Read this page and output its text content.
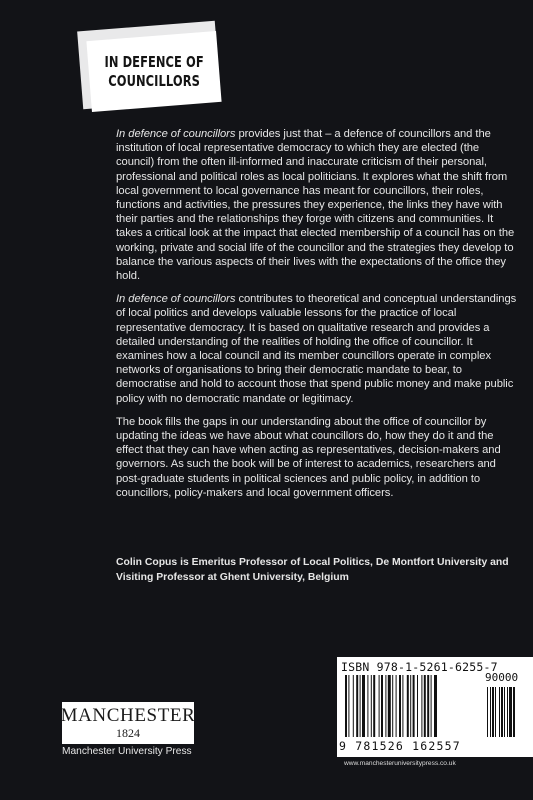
IN DEFENCE OF
COUNCILLORS

In defence of councillors provides just that – a defence of councillors and the institution of local representative democracy to which they are elected (the council) from the often ill-informed and inaccurate criticism of their personal, professional and political roles as local politicians. It explores what the shift from local government to local governance has meant for councillors, their roles, functions and activities, the pressures they experience, the links they have with their parties and the relationships they forge with citizens and communities. It takes a critical look at the impact that elected membership of a council has on the working, private and social life of the councillor and the strategies they develop to balance the various aspects of their lives with the expectations of the office they hold.

In defence of councillors contributes to theoretical and conceptual understandings of local politics and develops valuable lessons for the practice of local representative democracy. It is based on qualitative research and provides a detailed understanding of the realities of holding the office of councillor. It examines how a local council and its member councillors operate in complex networks of organisations to bring their democratic mandate to bear, to democratise and hold to account those that spend public money and make public policy with no democratic mandate or legitimacy.

The book fills the gaps in our understanding about the office of councillor by updating the ideas we have about what councillors do, how they do it and the effect that they can have when acting as representatives, decision-makers and governors. As such the book will be of interest to academics, researchers and post-graduate students in political sciences and public policy, in addition to councillors, policy-makers and local government officers.

Colin Copus is Emeritus Professor of Local Politics, De Montfort University and Visiting Professor at Ghent University, Belgium
ISBN 978-1-5261-6255-7
90000
9 781526 162557
www.manchesteruniversitypress.co.uk
MANCHESTER
1824
Manchester University Press
